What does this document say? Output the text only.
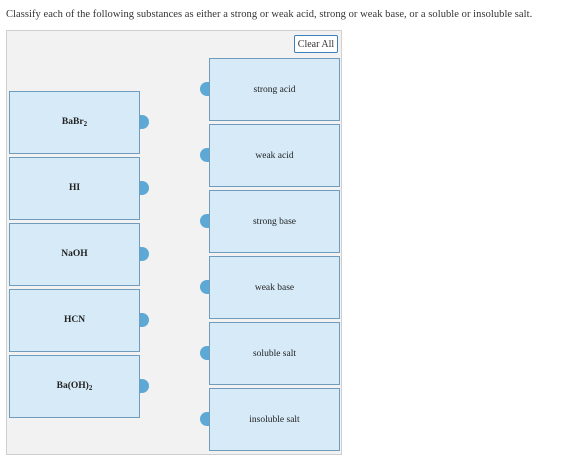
Classify each of the following substances as either a strong or weak acid, strong or weak base, or a soluble or insoluble salt.
Clear All
BaBr$_2$
HI
NaOH
HCN
$Ba(OH)_2$
strong acid
weak acid
strong base
weak base
soluble salt
insoluble salt
